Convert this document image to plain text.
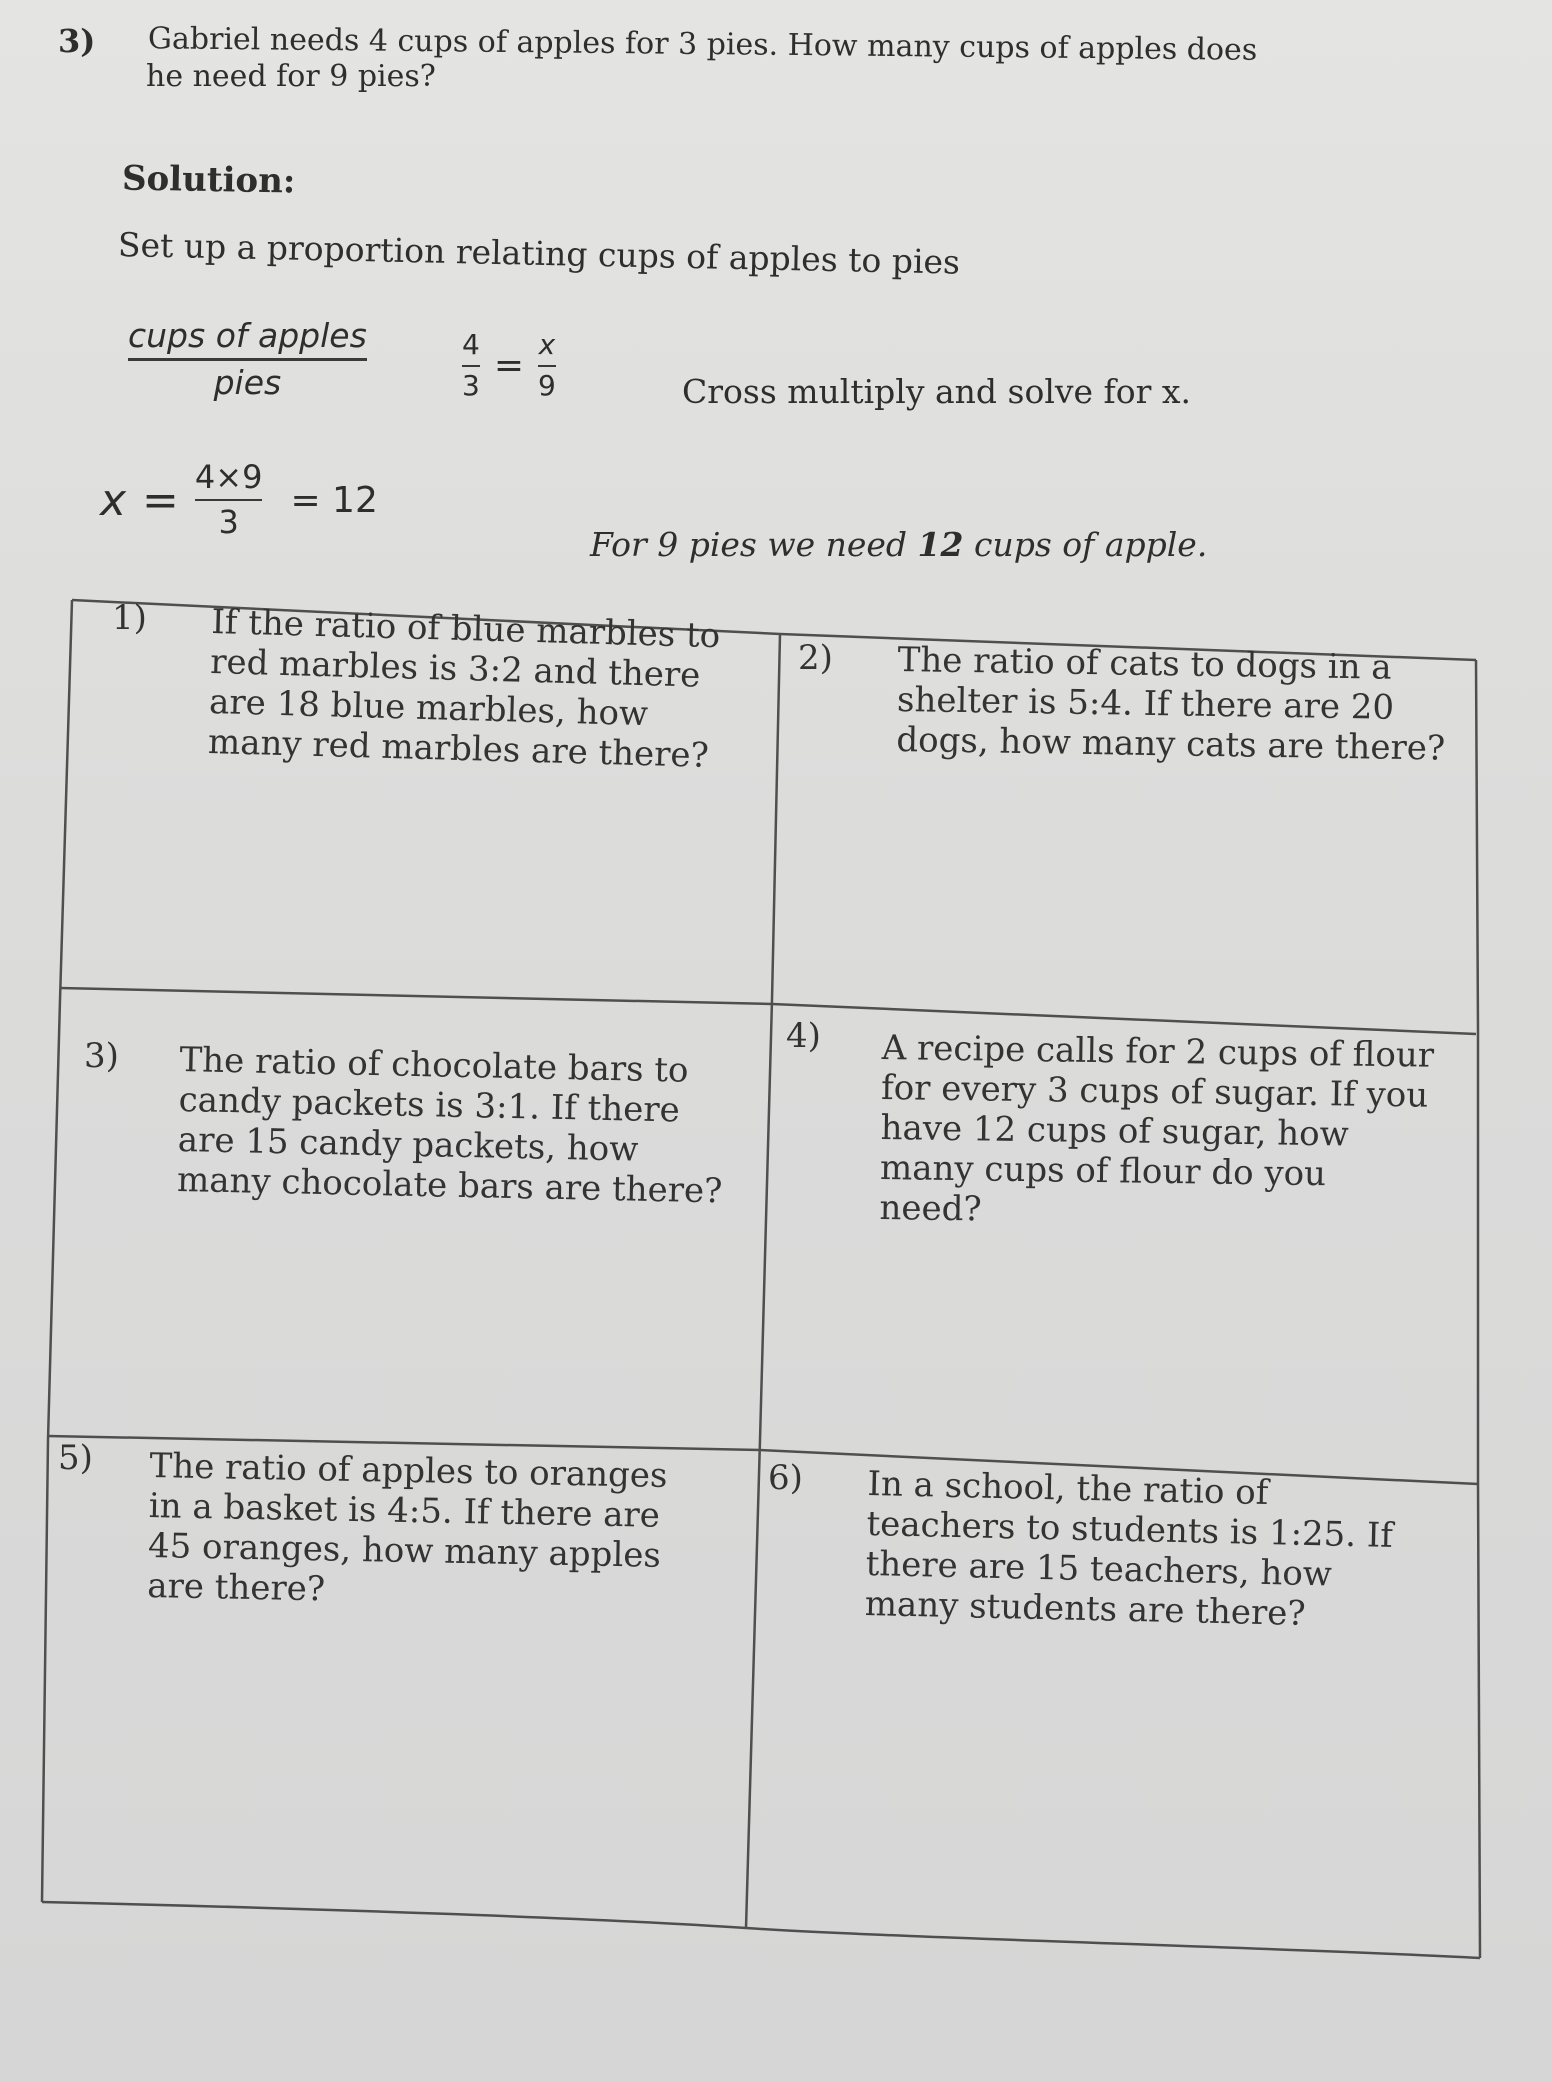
3) Gabriel needs 4 cups of apples for 3 pies. How many cups of apples does
he need for 9 pies?
Solution:
Set up a proportion relating cups of apples to pies
$\frac{\text{cups of apples}}{\text{pies}}$	$\frac{4}{3} = \frac{x}{9}$	Cross multiply and solve for x.
$x = \frac{4\times 9}{3} = 12$
For 9 pies we need 12 cups of apple.
1) If the ratio of blue marbles to
red marbles is 3:2 and there
are 18 blue marbles, how
many red marbles are there?
2) The ratio of cats to dogs in a
shelter is 5:4. If there are 20
dogs, how many cats are there?
3) The ratio of chocolate bars to
candy packets is 3:1. If there
are 15 candy packets, how
many chocolate bars are there?
4) A recipe calls for 2 cups of flour
for every 3 cups of sugar. If you
have 12 cups of sugar, how
many cups of flour do you
need?
5) The ratio of apples to oranges
in a basket is 4:5. If there are
45 oranges, how many apples
are there?
6) In a school, the ratio of
teachers to students is 1:25. If
there are 15 teachers, how
many students are there?
